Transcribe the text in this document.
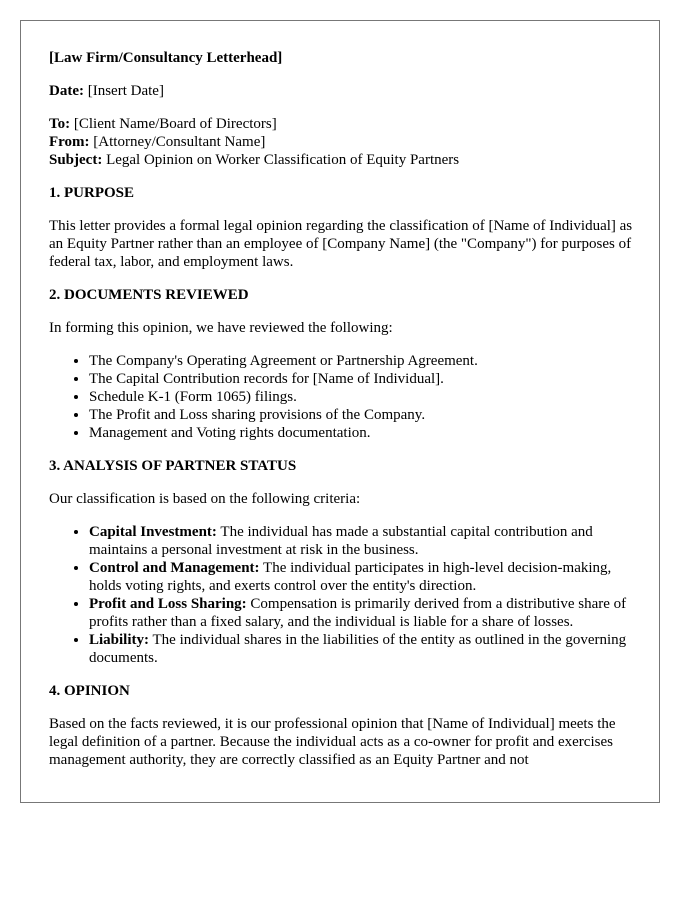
[Law Firm/Consultancy Letterhead]

Date: [Insert Date]

To: [Client Name/Board of Directors]
From: [Attorney/Consultant Name]
Subject: Legal Opinion on Worker Classification of Equity Partners
1. PURPOSE

This letter provides a formal legal opinion regarding the classification of [Name of Individual] as an Equity Partner rather than an employee of [Company Name] (the "Company") for purposes of federal tax, labor, and employment laws.

2. DOCUMENTS REVIEWED

In forming this opinion, we have reviewed the following:

• The Company's Operating Agreement or Partnership Agreement.
• The Capital Contribution records for [Name of Individual].
• Schedule K-1 (Form 1065) filings.
• The Profit and Loss sharing provisions of the Company.
• Management and Voting rights documentation.
3. ANALYSIS OF PARTNER STATUS

Our classification is based on the following criteria:

• Capital Investment: The individual has made a substantial capital contribution and maintains a personal investment at risk in the business.
• Control and Management: The individual participates in high-level decision-making, holds voting rights, and exerts control over the entity's direction.
• Profit and Loss Sharing: Compensation is primarily derived from a distributive share of profits rather than a fixed salary, and the individual is liable for a share of losses.
• Liability: The individual shares in the liabilities of the entity as outlined in the governing documents.
4. OPINION

Based on the facts reviewed, it is our professional opinion that [Name of Individual] meets the legal definition of a partner. Because the individual acts as a co-owner for profit and exercises management authority, they are correctly classified as an Equity Partner and not
